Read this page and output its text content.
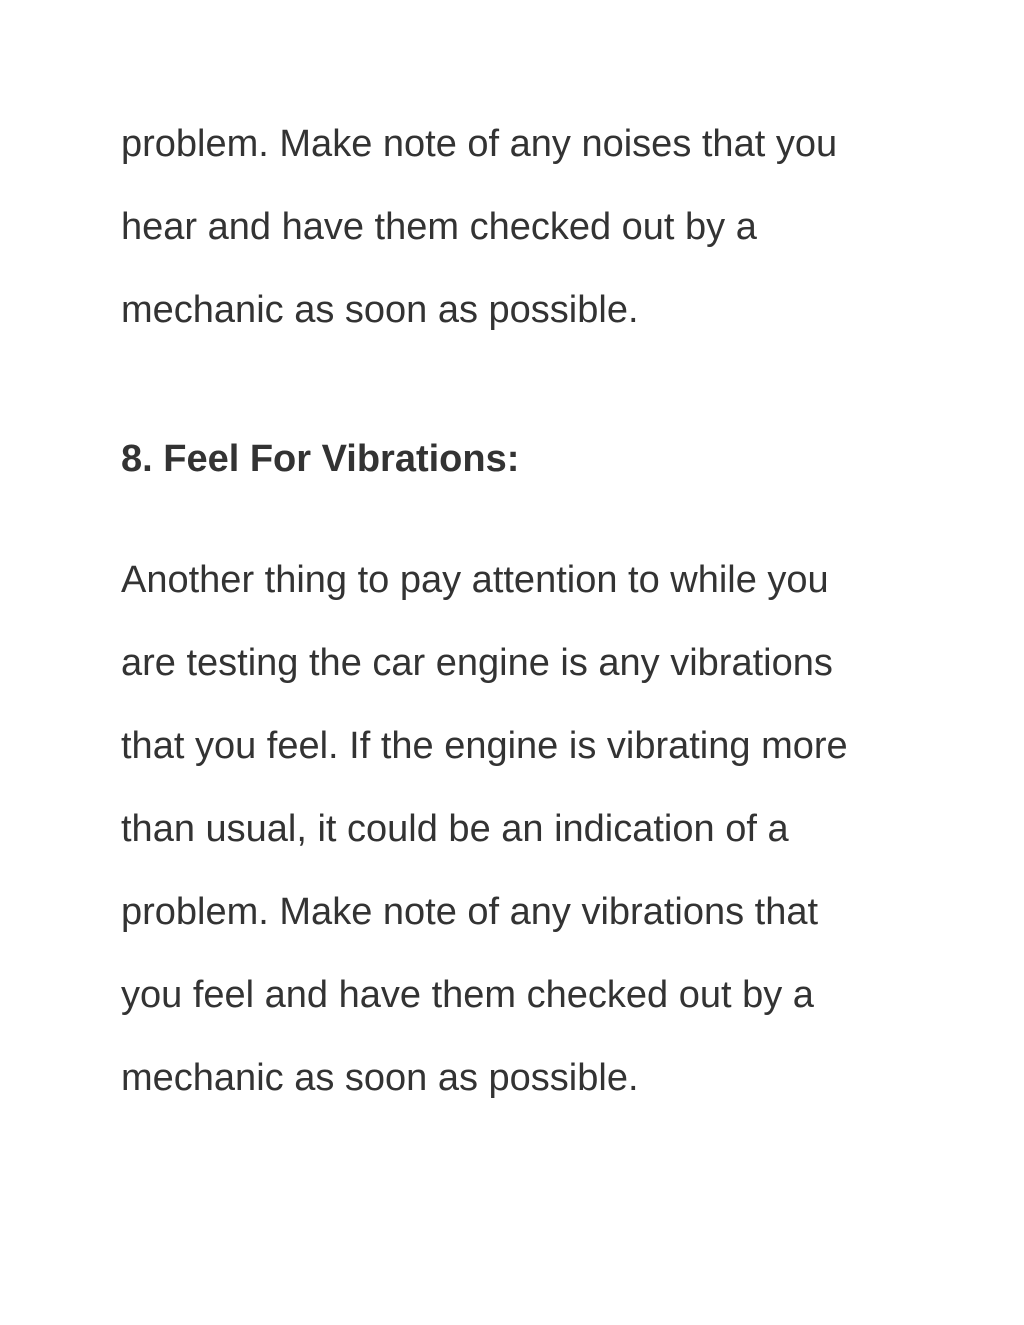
problem. Make note of any noises that you
hear and have them checked out by a
mechanic as soon as possible.
8. Feel For Vibrations:
Another thing to pay attention to while you
are testing the car engine is any vibrations
that you feel. If the engine is vibrating more
than usual, it could be an indication of a
problem. Make note of any vibrations that
you feel and have them checked out by a
mechanic as soon as possible.
